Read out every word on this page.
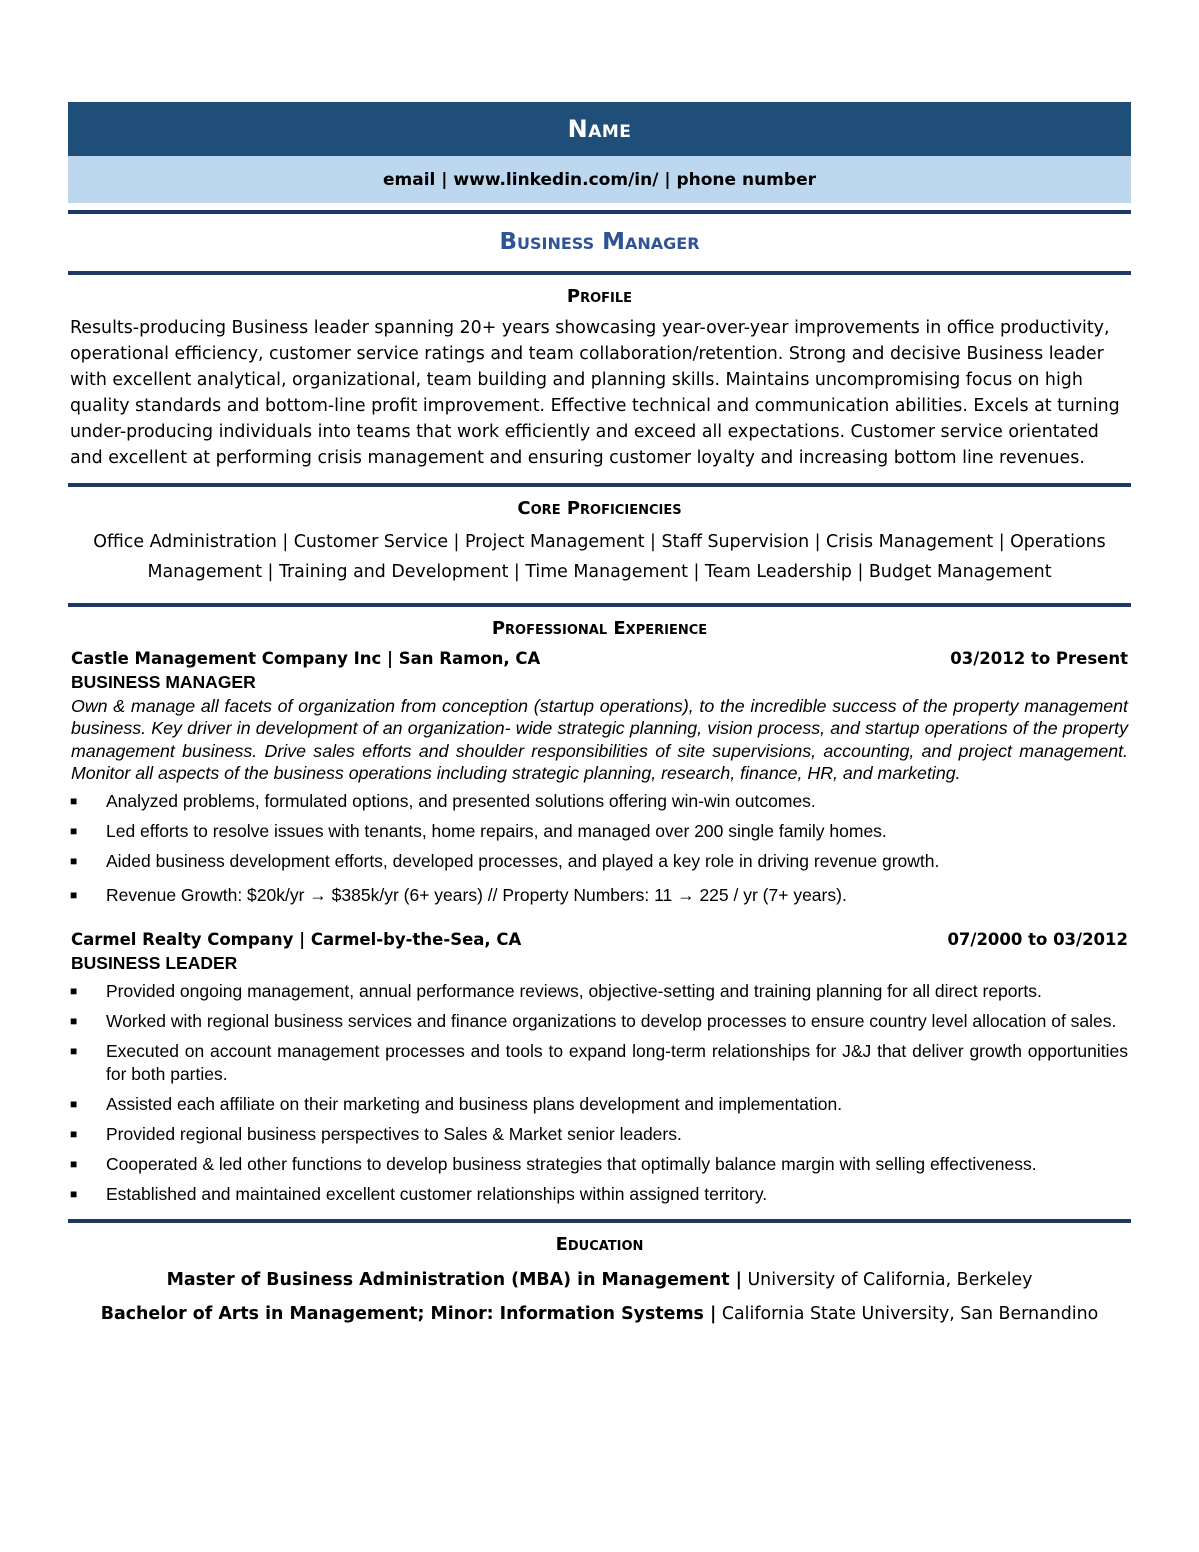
Name
email | www.linkedin.com/in/ | phone number
Business Manager
Profile

Results-producing Business leader spanning 20+ years showcasing year-over-year improvements in office productivity, operational efficiency, customer service ratings and team collaboration/retention. Strong and decisive Business leader with excellent analytical, organizational, team building and planning skills. Maintains uncompromising focus on high quality standards and bottom-line profit improvement. Effective technical and communication abilities. Excels at turning under-producing individuals into teams that work efficiently and exceed all expectations. Customer service orientated and excellent at performing crisis management and ensuring customer loyalty and increasing bottom line revenues.

Core Proficiencies
Office Administration | Customer Service | Project Management | Staff Supervision | Crisis Management | Operations Management | Training and Development | Time Management | Team Leadership | Budget Management
Professional Experience
Castle Management Company Inc | San Ramon, CA	03/2012 to Present
BUSINESS MANAGER
Own & manage all facets of organization from conception (startup operations), to the incredible success of the property management business. Key driver in development of an organization- wide strategic planning, vision process, and startup operations of the property management business. Drive sales efforts and shoulder responsibilities of site supervisions, accounting, and project management. Monitor all aspects of the business operations including strategic planning, research, finance, HR, and marketing.
■ Analyzed problems, formulated options, and presented solutions offering win-win outcomes.
■ Led efforts to resolve issues with tenants, home repairs, and managed over 200 single family homes.
■ Aided business development efforts, developed processes, and played a key role in driving revenue growth.
■ Revenue Growth: $20k/yr → $385k/yr (6+ years) // Property Numbers: 11 → 225 / yr (7+ years).
Carmel Realty Company | Carmel-by-the-Sea, CA	07/2000 to 03/2012
BUSINESS LEADER
■ Provided ongoing management, annual performance reviews, objective-setting and training planning for all direct reports.
■ Worked with regional business services and finance organizations to develop processes to ensure country level allocation of sales.
■ Executed on account management processes and tools to expand long-term relationships for J&J that deliver growth opportunities for both parties.
■ Assisted each affiliate on their marketing and business plans development and implementation.
■ Provided regional business perspectives to Sales & Market senior leaders.
■ Cooperated & led other functions to develop business strategies that optimally balance margin with selling effectiveness.
■ Established and maintained excellent customer relationships within assigned territory.
Education
Master of Business Administration (MBA) in Management | University of California, Berkeley
Bachelor of Arts in Management; Minor: Information Systems | California State University, San Bernandino
